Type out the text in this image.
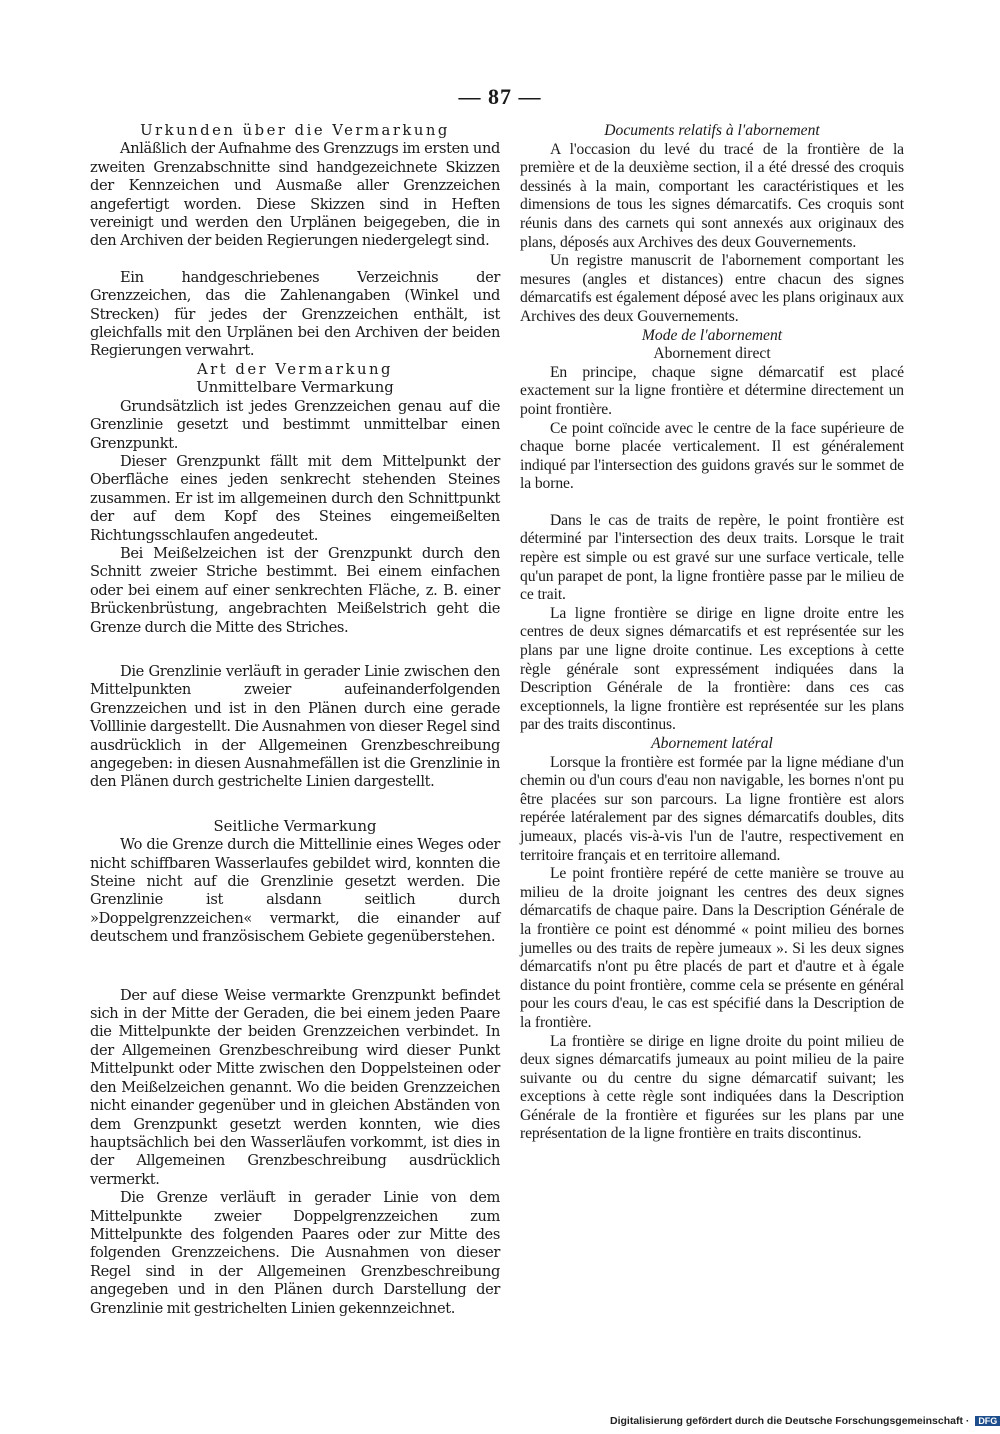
— 87 —
Urkunden über die Vermarkung

Anläßlich der Aufnahme des Grenzzugs im ersten und zweiten Grenzabschnitte sind handgezeichnete Skizzen der Kennzeichen und Ausmaße aller Grenzzeichen angefertigt worden. Diese Skizzen sind in Heften vereinigt und werden den Urplänen beigegeben, die in den Archiven der beiden Regierungen niedergelegt sind.

Ein handgeschriebenes Verzeichnis der Grenzzeichen, das die Zahlenangaben (Winkel und Strecken) für jedes der Grenzzeichen enthält, ist gleichfalls mit den Urplänen bei den Archiven der beiden Regierungen verwahrt.

Art der Vermarkung
Unmittelbare Vermarkung

Grundsätzlich ist jedes Grenzzeichen genau auf die Grenzlinie gesetzt und bestimmt unmittelbar einen Grenzpunkt.

Dieser Grenzpunkt fällt mit dem Mittelpunkt der Oberfläche eines jeden senkrecht stehenden Steines zusammen. Er ist im allgemeinen durch den Schnittpunkt der auf dem Kopf des Steines eingemeißelten Richtungsschlaufen angedeutet.

Bei Meißelzeichen ist der Grenzpunkt durch den Schnitt zweier Striche bestimmt. Bei einem einfachen oder bei einem auf einer senkrechten Fläche, z. B. einer Brückenbrüstung, angebrachten Meißelstrich geht die Grenze durch die Mitte des Striches.

Die Grenzlinie verläuft in gerader Linie zwischen den Mittelpunkten zweier aufeinanderfolgenden Grenzzeichen und ist in den Plänen durch eine gerade Volllinie dargestellt. Die Ausnahmen von dieser Regel sind ausdrücklich in der Allgemeinen Grenzbeschreibung angegeben: in diesen Ausnahmefällen ist die Grenzlinie in den Plänen durch gestrichelte Linien dargestellt.

Seitliche Vermarkung

Wo die Grenze durch die Mittellinie eines Weges oder nicht schiffbaren Wasserlaufes gebildet wird, konnten die Steine nicht auf die Grenzlinie gesetzt werden. Die Grenzlinie ist alsdann seitlich durch »Doppelgrenzzeichen« vermarkt, die einander auf deutschem und französischem Gebiete gegenüberstehen.

Der auf diese Weise vermarkte Grenzpunkt befindet sich in der Mitte der Geraden, die bei einem jeden Paare die Mittelpunkte der beiden Grenzzeichen verbindet. In der Allgemeinen Grenzbeschreibung wird dieser Punkt Mittelpunkt oder Mitte zwischen den Doppelsteinen oder den Meißelzeichen genannt. Wo die beiden Grenzzeichen nicht einander gegenüber und in gleichen Abständen von dem Grenzpunkt gesetzt werden konnten, wie dies hauptsächlich bei den Wasserläufen vorkommt, ist dies in der Allgemeinen Grenzbeschreibung ausdrücklich vermerkt.

Die Grenze verläuft in gerader Linie von dem Mittelpunkte zweier Doppelgrenzzeichen zum Mittelpunkte des folgenden Paares oder zur Mitte des folgenden Grenzzeichens. Die Ausnahmen von dieser Regel sind in der Allgemeinen Grenzbeschreibung angegeben und in den Plänen durch Darstellung der Grenzlinie mit gestrichelten Linien gekennzeichnet.

Documents relatifs à l'abornement

A l'occasion du levé du tracé de la frontière de la première et de la deuxième section, il a été dressé des croquis dessinés à la main, comportant les caractéristiques et les dimensions de tous les signes démarcatifs. Ces croquis sont réunis dans des carnets qui sont annexés aux originaux des plans, déposés aux Archives des deux Gouvernements.

Un registre manuscrit de l'abornement comportant les mesures (angles et distances) entre chacun des signes démarcatifs est également déposé avec les plans originaux aux Archives des deux Gouvernements.

Mode de l'abornement
Abornement direct

En principe, chaque signe démarcatif est placé exactement sur la ligne frontière et détermine directement un point frontière.

Ce point coïncide avec le centre de la face supérieure de chaque borne placée verticalement. Il est généralement indiqué par l'intersection des guidons gravés sur le sommet de la borne.

Dans le cas de traits de repère, le point frontière est déterminé par l'intersection des deux traits. Lorsque le trait repère est simple ou est gravé sur une surface verticale, telle qu'un parapet de pont, la ligne frontière passe par le milieu de ce trait.

La ligne frontière se dirige en ligne droite entre les centres de deux signes démarcatifs et est représentée sur les plans par une ligne droite continue. Les exceptions à cette règle générale sont expressément indiquées dans la Description Générale de la frontière: dans ces cas exceptionnels, la ligne frontière est représentée sur les plans par des traits discontinus.

Abornement latéral

Lorsque la frontière est formée par la ligne médiane d'un chemin ou d'un cours d'eau non navigable, les bornes n'ont pu être placées sur son parcours. La ligne frontière est alors repérée latéralement par des signes démarcatifs doubles, dits jumeaux, placés vis-à-vis l'un de l'autre, respectivement en territoire français et en territoire allemand.

Le point frontière repéré de cette manière se trouve au milieu de la droite joignant les centres des deux signes démarcatifs de chaque paire. Dans la Description Générale de la frontière ce point est dénommé « point milieu des bornes jumelles ou des traits de repère jumeaux ». Si les deux signes démarcatifs n'ont pu être placés de part et d'autre et à égale distance du point frontière, comme cela se présente en général pour les cours d'eau, le cas est spécifié dans la Description de la frontière.

La frontière se dirige en ligne droite du point milieu de deux signes démarcatifs jumeaux au point milieu de la paire suivante ou du centre du signe démarcatif suivant; les exceptions à cette règle sont indiquées dans la Description Générale de la frontière et figurées sur les plans par une représentation de la ligne frontière en traits discontinus.

Digitalisierung gefördert durch die Deutsche Forschungsgemeinschaft · DFG
